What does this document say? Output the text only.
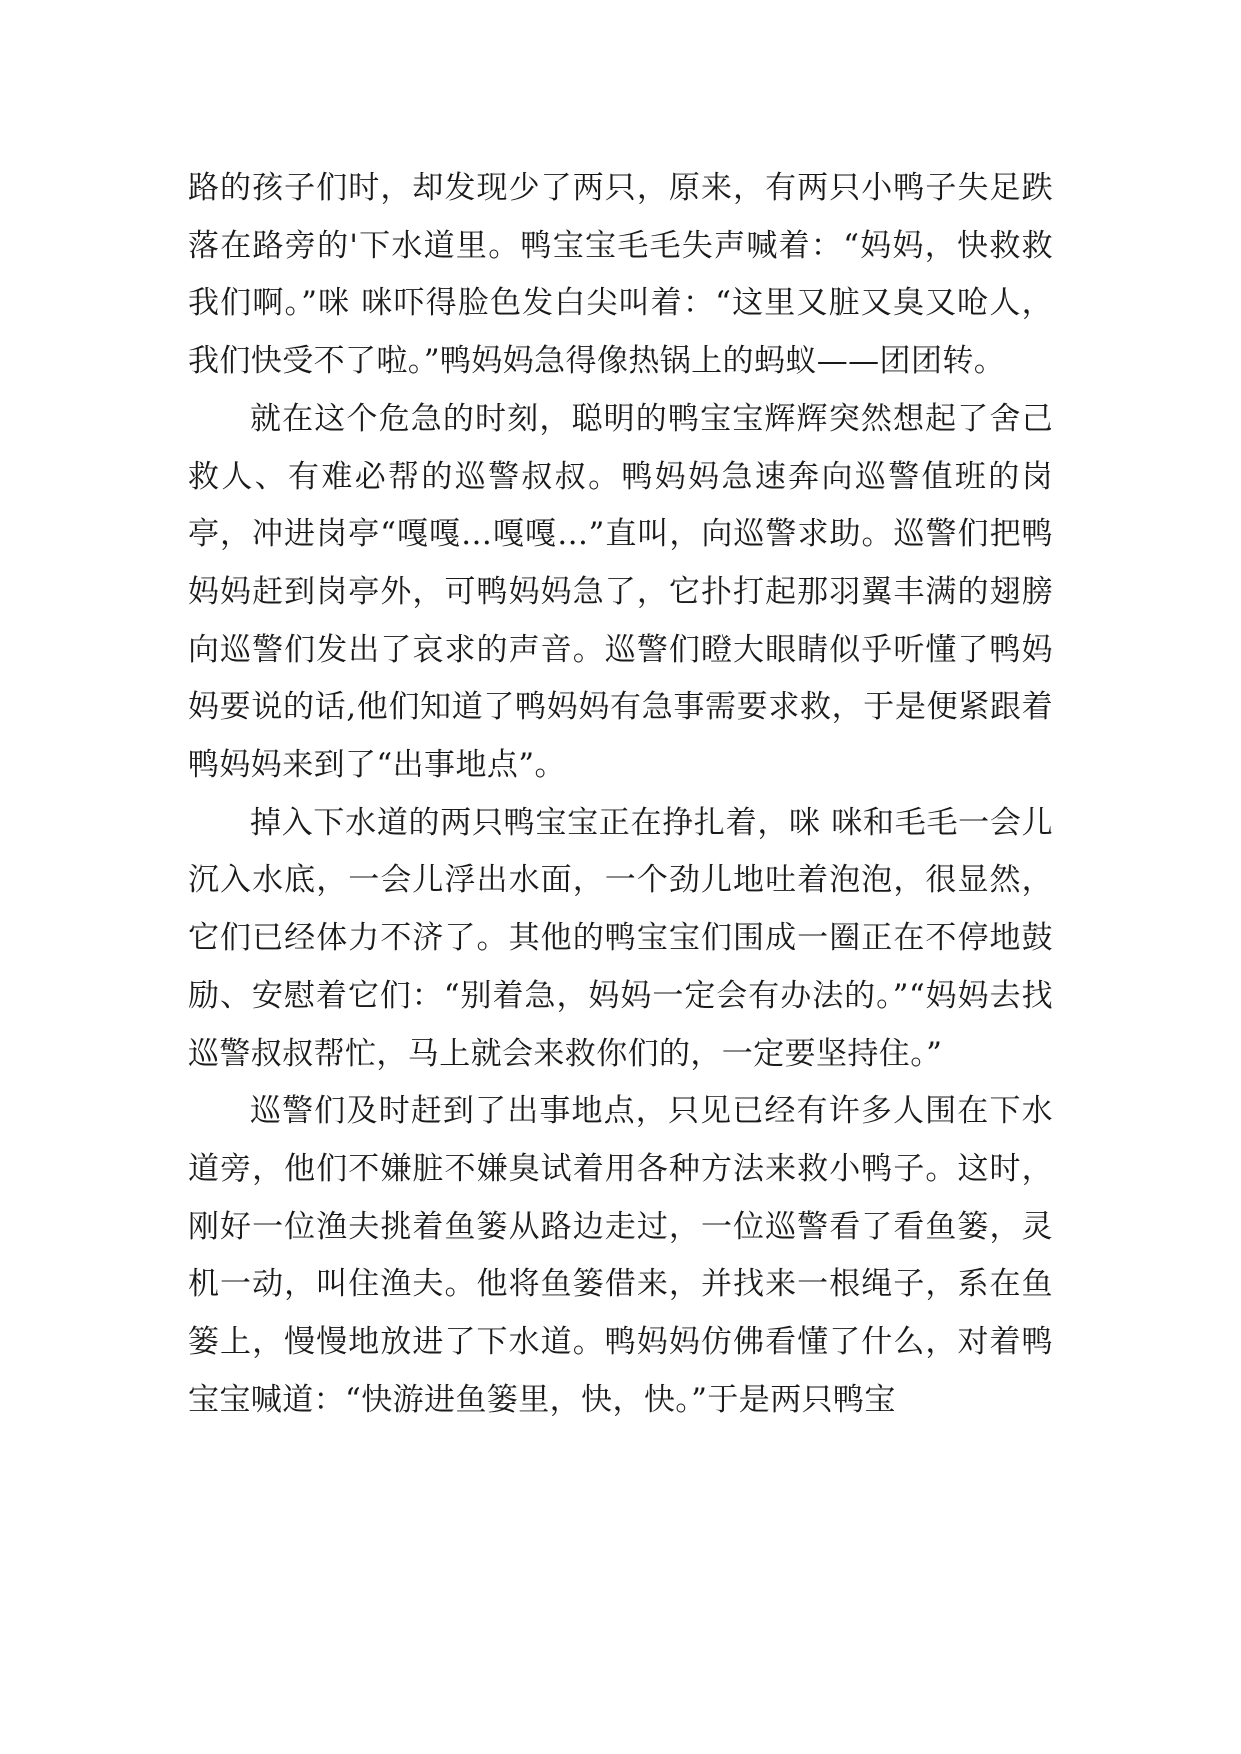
路的孩子们时，却发现少了两只，原来，有两只小鸭子失足跌落在路旁的'下水道里。鸭宝宝毛毛失声喊着：“妈妈，快救救我们啊。”咪 咪吓得脸色发白尖叫着：“这里又脏又臭又呛人，我们快受不了啦。”鸭妈妈急得像热锅上的蚂蚁——团团转。

就在这个危急的时刻，聪明的鸭宝宝辉辉突然想起了舍己救人、有难必帮的巡警叔叔。鸭妈妈急速奔向巡警值班的岗亭，冲进岗亭“嘎嘎…嘎嘎…”直叫，向巡警求助。巡警们把鸭妈妈赶到岗亭外，可鸭妈妈急了，它扑打起那羽翼丰满的翅膀向巡警们发出了哀求的声音。巡警们瞪大眼睛似乎听懂了鸭妈妈要说的话,他们知道了鸭妈妈有急事需要求救，于是便紧跟着鸭妈妈来到了“出事地点”。

掉入下水道的两只鸭宝宝正在挣扎着，咪 咪和毛毛一会儿沉入水底，一会儿浮出水面，一个劲儿地吐着泡泡，很显然，它们已经体力不济了。其他的鸭宝宝们围成一圈正在不停地鼓励、安慰着它们：“别着急，妈妈一定会有办法的。”“妈妈去找巡警叔叔帮忙，马上就会来救你们的，一定要坚持住。”

巡警们及时赶到了出事地点，只见已经有许多人围在下水道旁，他们不嫌脏不嫌臭试着用各种方法来救小鸭子。这时，刚好一位渔夫挑着鱼篓从路边走过，一位巡警看了看鱼篓，灵机一动，叫住渔夫。他将鱼篓借来，并找来一根绳子，系在鱼篓上，慢慢地放进了下水道。鸭妈妈仿佛看懂了什么，对着鸭宝宝喊道：“快游进鱼篓里，快，快。”于是两只鸭宝
